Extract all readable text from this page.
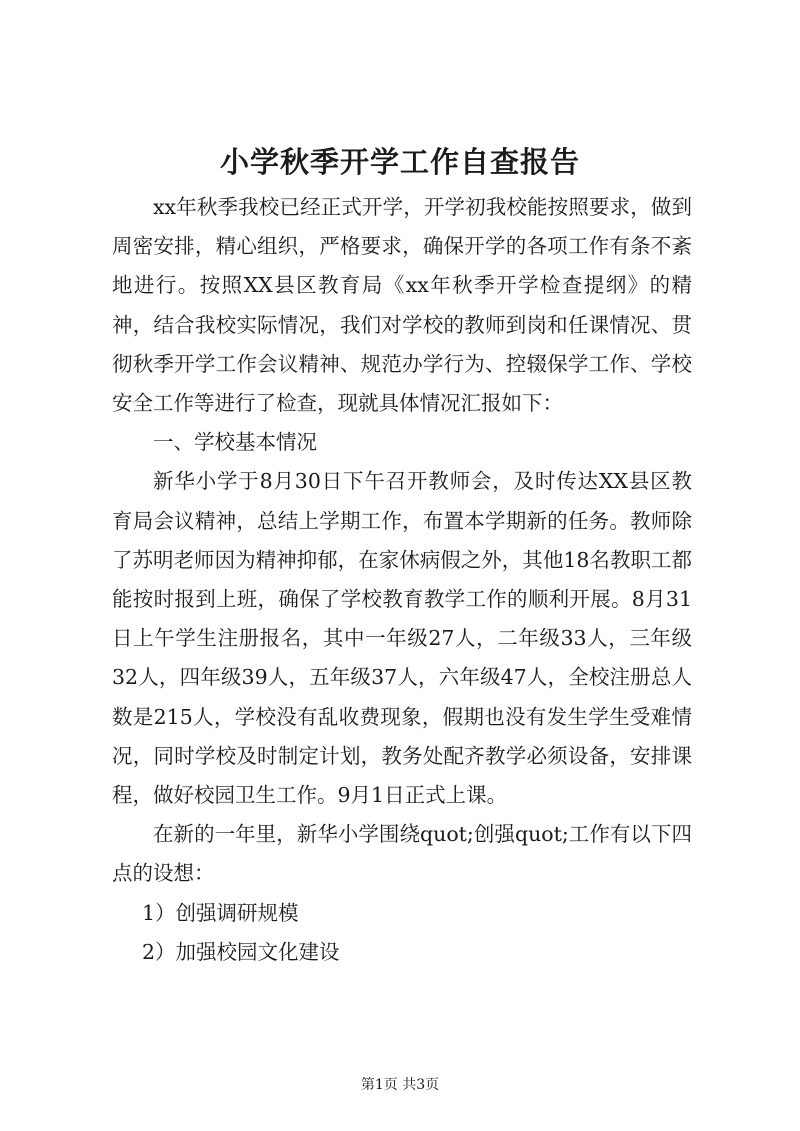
小学秋季开学工作自查报告

xx年秋季我校已经正式开学，开学初我校能按照要求，做到周密安排，精心组织，严格要求，确保开学的各项工作有条不紊地进行。按照XX县区教育局《xx年秋季开学检查提纲》的精神，结合我校实际情况，我们对学校的教师到岗和任课情况、贯彻秋季开学工作会议精神、规范办学行为、控辍保学工作、学校安全工作等进行了检查，现就具体情况汇报如下：

一、学校基本情况

新华小学于8月30日下午召开教师会，及时传达XX县区教育局会议精神，总结上学期工作，布置本学期新的任务。教师除了苏明老师因为精神抑郁，在家休病假之外，其他18名教职工都能按时报到上班，确保了学校教育教学工作的顺利开展。8月31日上午学生注册报名，其中一年级27人，二年级33人，三年级32人，四年级39人，五年级37人，六年级47人，全校注册总人数是215人，学校没有乱收费现象，假期也没有发生学生受难情况，同时学校及时制定计划，教务处配齐教学必须设备，安排课程，做好校园卫生工作。9月1日正式上课。

在新的一年里，新华小学围绕quot;创强quot;工作有以下四点的设想：

1）创强调研规模

2）加强校园文化建设

第1页 共3页
